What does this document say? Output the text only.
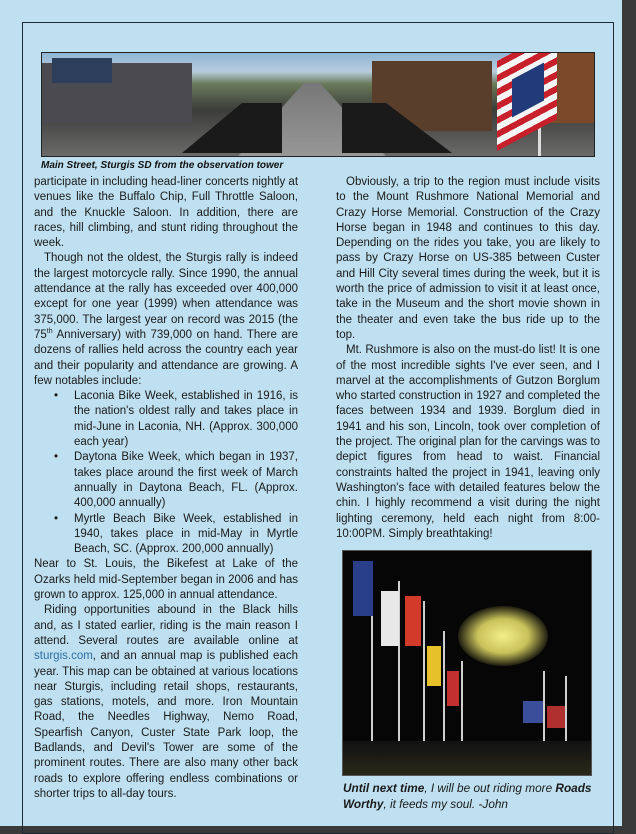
Main Street, Sturgis SD from the observation tower

participate in including head-liner concerts nightly at venues like the Buffalo Chip, Full Throttle Saloon, and the Knuckle Saloon. In addition, there are races, hill climbing, and stunt riding throughout the week.

Though not the oldest, the Sturgis rally is indeed the largest motorcycle rally. Since 1990, the annual attendance at the rally has exceeded over 400,000 except for one year (1999) when attendance was 375,000. The largest year on record was 2015 (the 75th Anniversary) with 739,000 on hand. There are dozens of rallies held across the country each year and their popularity and attendance are growing. A few notables include:

• Laconia Bike Week, established in 1916, is the nation's oldest rally and takes place in mid-June in Laconia, NH. (Approx. 300,000 each year)
• Daytona Bike Week, which began in 1937, takes place around the first week of March annually in Daytona Beach, FL. (Approx. 400,000 annually)
• Myrtle Beach Bike Week, established in 1940, takes place in mid-May in Myrtle Beach, SC. (Approx. 200,000 annually)

Near to St. Louis, the Bikefest at Lake of the Ozarks held mid-September began in 2006 and has grown to approx. 125,000 in annual attendance.

Riding opportunities abound in the Black hills and, as I stated earlier, riding is the main reason I attend. Several routes are available online at sturgis.com, and an annual map is published each year. This map can be obtained at various locations near Sturgis, including retail shops, restaurants, gas stations, motels, and more. Iron Mountain Road, the Needles Highway, Nemo Road, Spearfish Canyon, Custer State Park loop, the Badlands, and Devil's Tower are some of the prominent routes. There are also many other back roads to explore offering endless combinations or shorter trips to all-day tours.

Obviously, a trip to the region must include visits to the Mount Rushmore National Memorial and Crazy Horse Memorial. Construction of the Crazy Horse began in 1948 and continues to this day. Depending on the rides you take, you are likely to pass by Crazy Horse on US-385 between Custer and Hill City several times during the week, but it is worth the price of admission to visit it at least once, take in the Museum and the short movie shown in the theater and even take the bus ride up to the top.

Mt. Rushmore is also on the must-do list! It is one of the most incredible sights I've ever seen, and I marvel at the accomplishments of Gutzon Borglum who started construction in 1927 and completed the faces between 1934 and 1939. Borglum died in 1941 and his son, Lincoln, took over completion of the project. The original plan for the carvings was to depict figures from head to waist. Financial constraints halted the project in 1941, leaving only Washington's face with detailed features below the chin. I highly recommend a visit during the night lighting ceremony, held each night from 8:00-10:00PM. Simply breathtaking!

Until next time, I will be out riding more Roads Worthy, it feeds my soul. -John
